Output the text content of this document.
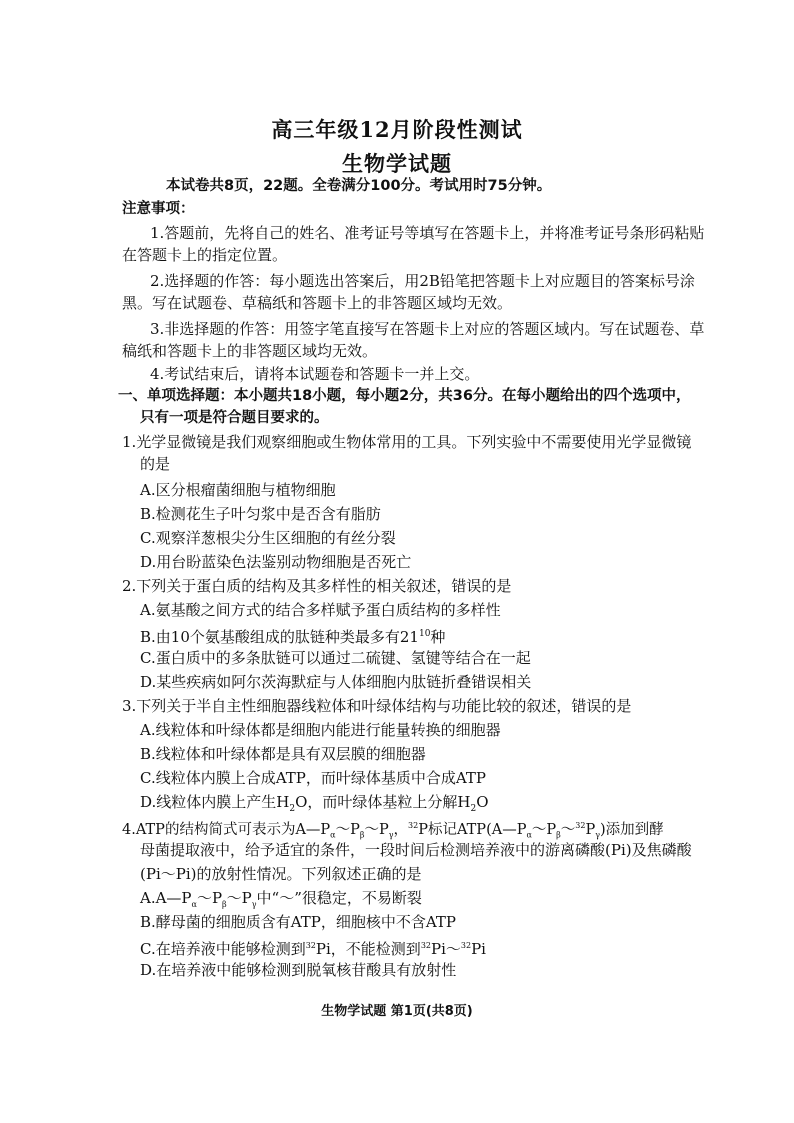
高三年级12月阶段性测试
生物学试题
本试卷共8页，22题。全卷满分100分。考试用时75分钟。
注意事项：
1.答题前，先将自己的姓名、准考证号等填写在答题卡上，并将准考证号条形码粘贴
在答题卡上的指定位置。
2.选择题的作答：每小题选出答案后，用2B铅笔把答题卡上对应题目的答案标号涂
黑。写在试题卷、草稿纸和答题卡上的非答题区域均无效。
3.非选择题的作答：用签字笔直接写在答题卡上对应的答题区域内。写在试题卷、草
稿纸和答题卡上的非答题区域均无效。
4.考试结束后，请将本试题卷和答题卡一并上交。
一、单项选择题：本小题共18小题，每小题2分，共36分。在每小题给出的四个选项中，
只有一项是符合题目要求的。
1.光学显微镜是我们观察细胞或生物体常用的工具。下列实验中不需要使用光学显微镜
的是
A.区分根瘤菌细胞与植物细胞
B.检测花生子叶匀浆中是否含有脂肪
C.观察洋葱根尖分生区细胞的有丝分裂
D.用台盼蓝染色法鉴别动物细胞是否死亡
2.下列关于蛋白质的结构及其多样性的相关叙述，错误的是
A.氨基酸之间方式的结合多样赋予蛋白质结构的多样性
B.由10个氨基酸组成的肽链种类最多有$21^{10}$种
C.蛋白质中的多条肽链可以通过二硫键、氢键等结合在一起
D.某些疾病如阿尔茨海默症与人体细胞内肽链折叠错误相关
3.下列关于半自主性细胞器线粒体和叶绿体结构与功能比较的叙述，错误的是
A.线粒体和叶绿体都是细胞内能进行能量转换的细胞器
B.线粒体和叶绿体都是具有双层膜的细胞器
C.线粒体内膜上合成ATP，而叶绿体基质中合成ATP
D.线粒体内膜上产生$H_2O$，而叶绿体基粒上分解$H_2O$
4.ATP的结构简式可表示为$A—P_\alpha\sim P_\beta\sim P_\gamma$，$^{32}$P标记$ATP(A—P_\alpha\sim P_\beta\sim^{32}P_\gamma)$添加到酵
母菌提取液中，给予适宜的条件，一段时间后检测培养液中的游离磷酸(Pi)及焦磷酸
(Pi～Pi)的放射性情况。下列叙述正确的是
$A.A—P_\alpha\sim P_\beta\sim P_\gamma$中“～”很稳定，不易断裂
B.酵母菌的细胞质含有ATP，细胞核中不含ATP
C.在培养液中能够检测到$^{32}$Pi，不能检测到$^{32}$Pi～$^{32}$Pi
D.在培养液中能够检测到脱氧核苷酸具有放射性
生物学试题 第1页(共8页)
